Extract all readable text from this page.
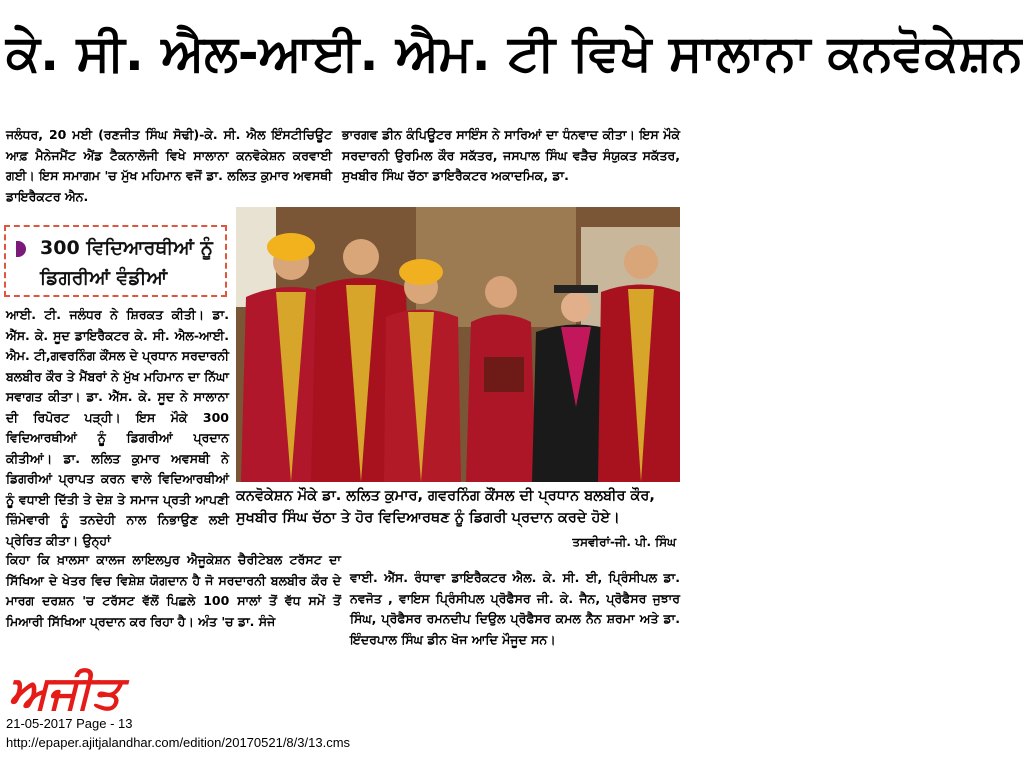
ਕੇ. ਸੀ. ਐਲ-ਆਈ. ਐਮ. ਟੀ ਵਿਖੇ ਸਾਲਾਨਾ ਕਨਵੋਕੇਸ਼ਨ
ਜਲੰਧਰ, 20 ਮਈ (ਰਣਜੀਤ ਸਿੰਘ ਸੋਢੀ)-ਕੇ. ਸੀ. ਐਲ ਇੰਸਟੀਚਿਊਟ ਆਫ਼ ਮੈਨੇਜਮੈਂਟ ਐਂਡ ਟੈਕਨਾਲੋਜੀ ਵਿਖੇ ਸਾਲਾਨਾ ਕਨਵੋਕੇਸ਼ਨ ਕਰਵਾਈ ਗਈ। ਇਸ ਸਮਾਗਮ 'ਚ ਮੁੱਖ ਮਹਿਮਾਨ ਵਜੋਂ ਡਾ. ਲਲਿਤ ਕੁਮਾਰ ਅਵਸਥੀ ਡਾਇਰੈਕਟਰ ਐਨ.
ਭਾਰਗਵ ਡੀਨ ਕੰਪਿਊਟਰ ਸਾਇੰਸ ਨੇ ਸਾਰਿਆਂ ਦਾ ਧੰਨਵਾਦ ਕੀਤਾ। ਇਸ ਮੌਕੇ ਸਰਦਾਰਨੀ ਉਰਮਿਲ ਕੌਰ ਸਕੱਤਰ, ਜਸਪਾਲ ਸਿੰਘ ਵੜੈਚ ਸੰਯੁਕਤ ਸਕੱਤਰ, ਸੁਖਬੀਰ ਸਿੰਘ ਚੱਠਾ ਡਾਇਰੈਕਟਰ ਅਕਾਦਮਿਕ, ਡਾ.
300 ਵਿਦਿਆਰਥੀਆਂ ਨੂੰ ਡਿਗਰੀਆਂ ਵੰਡੀਆਂ
ਆਈ. ਟੀ. ਜਲੰਧਰ ਨੇ ਸ਼ਿਰਕਤ ਕੀਤੀ। ਡਾ. ਐੱਸ. ਕੇ. ਸੂਦ ਡਾਇਰੈਕਟਰ ਕੇ. ਸੀ. ਐਲ-ਆਈ. ਐਮ. ਟੀ,ਗਵਰਨਿੰਗ ਕੌਂਸਲ ਦੇ ਪ੍ਰਧਾਨ ਸਰਦਾਰਨੀ ਬਲਬੀਰ ਕੌਰ ਤੇ ਮੈਂਬਰਾਂ ਨੇ ਮੁੱਖ ਮਹਿਮਾਨ ਦਾ ਨਿੱਘਾ ਸਵਾਗਤ ਕੀਤਾ। ਡਾ. ਐੱਸ. ਕੇ. ਸੂਦ ਨੇ ਸਾਲਾਨਾ ਦੀ ਰਿਪੋਰਟ ਪੜ੍ਹੀ। ਇਸ ਮੌਕੇ 300 ਵਿਦਿਆਰਥੀਆਂ ਨੂੰ ਡਿਗਰੀਆਂ ਪ੍ਰਦਾਨ ਕੀਤੀਆਂ। ਡਾ. ਲਲਿਤ ਕੁਮਾਰ ਅਵਸਥੀ ਨੇ ਡਿਗਰੀਆਂ ਪ੍ਰਾਪਤ ਕਰਨ ਵਾਲੇ ਵਿਦਿਆਰਥੀਆਂ ਨੂੰ ਵਧਾਈ ਦਿੱਤੀ ਤੇ ਦੇਸ਼ ਤੇ ਸਮਾਜ ਪ੍ਰਤੀ ਆਪਣੀ ਜ਼ਿੰਮੇਵਾਰੀ ਨੂੰ ਤਨਦੇਹੀ ਨਾਲ ਨਿਭਾਉਣ ਲਈ ਪ੍ਰੇਰਿਤ ਕੀਤਾ। ਉਨ੍ਹਾਂ
ਕਨਵੋਕੇਸ਼ਨ ਮੌਕੇ ਡਾ. ਲਲਿਤ ਕੁਮਾਰ, ਗਵਰਨਿੰਗ ਕੌਂਸਲ ਦੀ ਪ੍ਰਧਾਨ ਬਲਬੀਰ ਕੌਰ, ਸੁਖਬੀਰ ਸਿੰਘ ਚੱਠਾ ਤੇ ਹੋਰ ਵਿਦਿਆਰਥਣ ਨੂੰ ਡਿਗਰੀ ਪ੍ਰਦਾਨ ਕਰਦੇ ਹੋਏ।
ਤਸਵੀਰਾਂ-ਜੀ. ਪੀ. ਸਿੰਘ
ਕਿਹਾ ਕਿ ਖ਼ਾਲਸਾ ਕਾਲਜ ਲਾਇਲਪੁਰ ਐਜੂਕੇਸ਼ਨ ਚੈਰੀਟੇਬਲ ਟਰੱਸਟ ਦਾ ਸਿੱਖਿਆ ਦੇ ਖੇਤਰ ਵਿਚ ਵਿਸ਼ੇਸ਼ ਯੋਗਦਾਨ ਹੈ ਜੋ ਸਰਦਾਰਨੀ ਬਲਬੀਰ ਕੌਰ ਦੇ ਮਾਰਗ ਦਰਸ਼ਨ 'ਚ ਟਰੱਸਟ ਵੱਲੋਂ ਪਿਛਲੇ 100 ਸਾਲਾਂ ਤੋਂ ਵੱਧ ਸਮੇਂ ਤੋਂ ਮਿਆਰੀ ਸਿੱਖਿਆ ਪ੍ਰਦਾਨ ਕਰ ਰਿਹਾ ਹੈ। ਅੰਤ 'ਚ ਡਾ. ਸੰਜੇ
ਵਾਈ. ਐੱਸ. ਰੰਧਾਵਾ ਡਾਇਰੈਕਟਰ ਐਲ. ਕੇ. ਸੀ. ਈ, ਪ੍ਰਿੰਸੀਪਲ ਡਾ. ਨਵਜੋਤ , ਵਾਇਸ ਪ੍ਰਿੰਸੀਪਲ ਪ੍ਰੋਫੈਸਰ ਜੀ. ਕੇ. ਜੈਨ, ਪ੍ਰੋਫੈਸਰ ਜੁਝਾਰ ਸਿੰਘ, ਪ੍ਰੋਫੈਸਰ ਰਮਨਦੀਪ ਦਿਉਲ ਪ੍ਰੋਫੈਸਰ ਕਮਲ ਨੈਨ ਸ਼ਰਮਾ ਅਤੇ ਡਾ. ਇੰਦਰਪਾਲ ਸਿੰਘ ਡੀਨ ਖੋਜ ਆਦਿ ਮੌਜੂਦ ਸਨ।
ਅਜੀਤ
21-05-2017 Page - 13
http://epaper.ajitjalandhar.com/edition/20170521/8/3/13.cms
